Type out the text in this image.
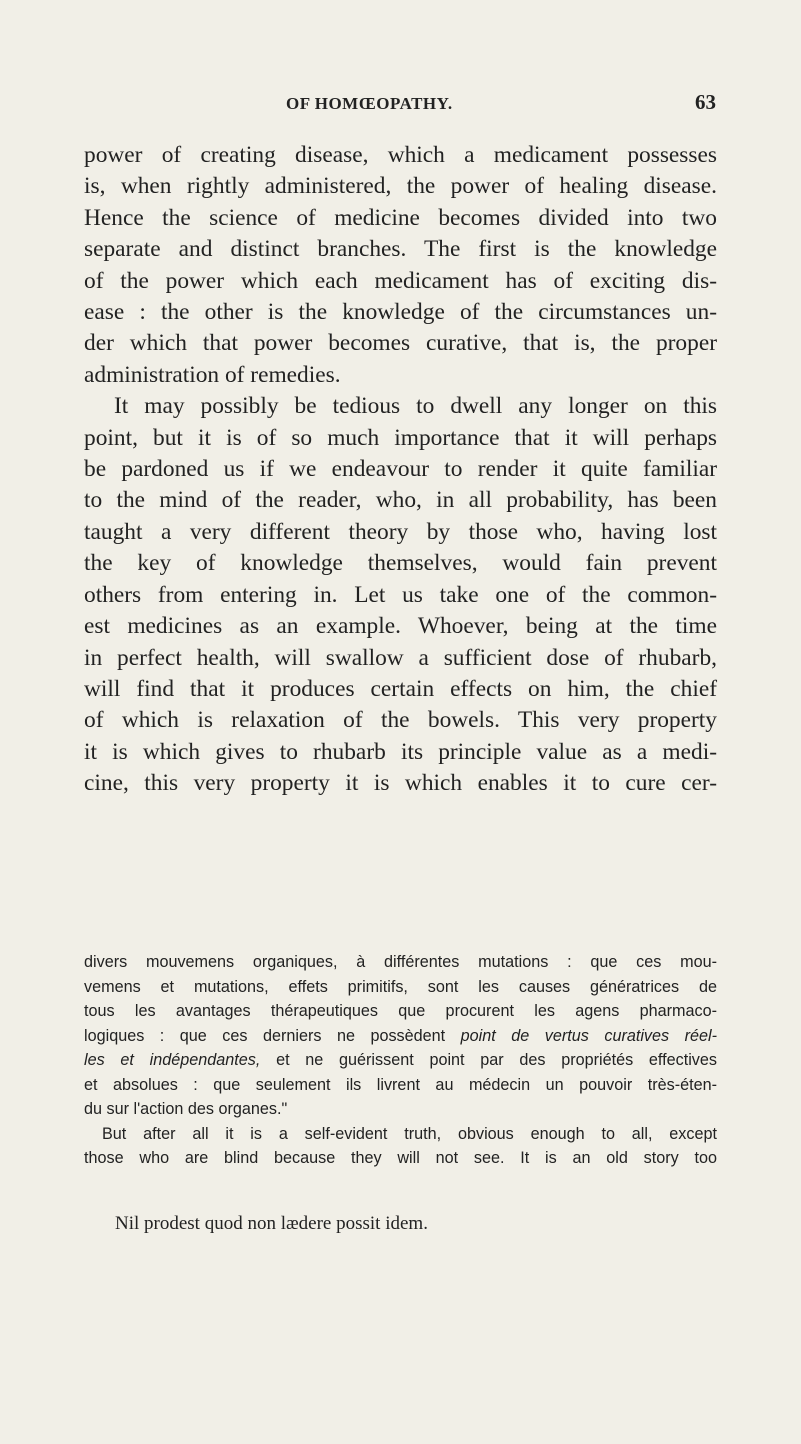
OF HOMŒOPATHY.	63
power of creating disease, which a medicament possesses
is, when rightly administered, the power of healing disease.
Hence the science of medicine becomes divided into two
separate and distinct branches. The first is the knowledge
of the power which each medicament has of exciting dis-
ease : the other is the knowledge of the circumstances un-
der which that power becomes curative, that is, the proper
administration of remedies.
It may possibly be tedious to dwell any longer on this
point, but it is of so much importance that it will perhaps
be pardoned us if we endeavour to render it quite familiar
to the mind of the reader, who, in all probability, has been
taught a very different theory by those who, having lost
the key of knowledge themselves, would fain prevent
others from entering in. Let us take one of the common-
est medicines as an example. Whoever, being at the time
in perfect health, will swallow a sufficient dose of rhubarb,
will find that it produces certain effects on him, the chief
of which is relaxation of the bowels. This very property
it is which gives to rhubarb its principle value as a medi-
cine, this very property it is which enables it to cure cer-
divers mouvemens organiques, à différentes mutations : que ces mou-
vemens et mutations, effets primitifs, sont les causes génératrices de
tous les avantages thérapeutiques que procurent les agens pharmaco-
logiques : que ces derniers ne possèdent point de vertus curatives réel-
les et indépendantes, et ne guérissent point par des propriétés effectives
et absolues : que seulement ils livrent au médecin un pouvoir très-éten-
du sur l'action des organes."
But after all it is a self-evident truth, obvious enough to all, except
those who are blind because they will not see. It is an old story too
Nil prodest quod non lædere possit idem.
